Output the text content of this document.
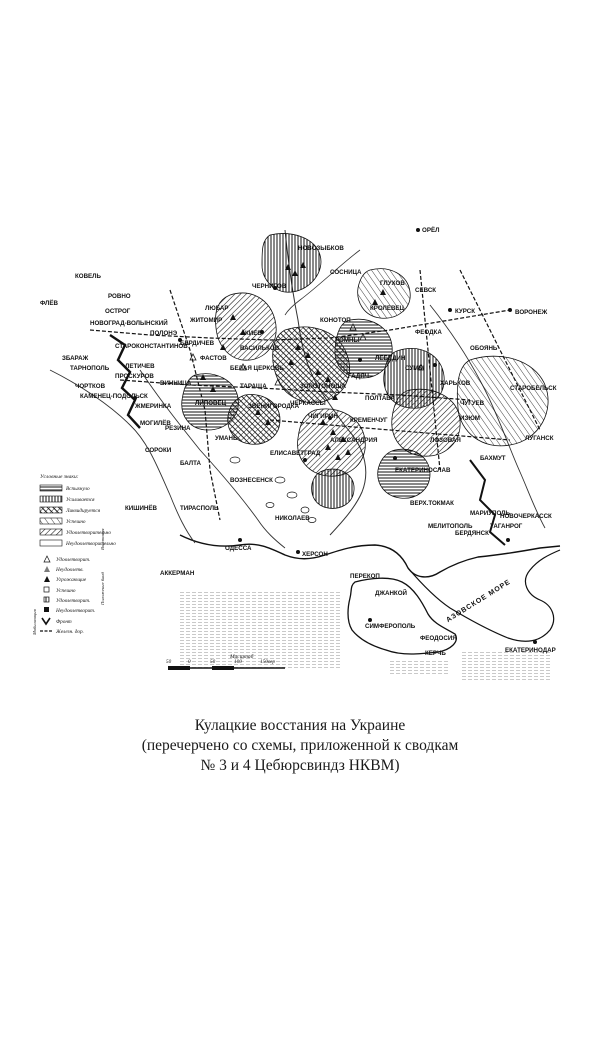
ОРЁЛ
КУРСК	ВОРОНЕЖ
ЧЕРНИГОВ
НОВОЗЫБКОВ
ГЛУХОВ
КРОЛЕВЕЦ
СОСНИЦА
ФЕОДКА
КОНОТОП
РОМНЫ
СЕВСК
ЛЕБЕДИН
СУМЫ
ХАРЬКОВ
ПОЛТАВА
ЧУГУЕВ
ОБОЯНЬ
ГАДЯЧ
ЗОЛОТОНОША
КРЕМЕНЧУГ
ЕЛИСАВЕТГРАД
АЛЕКСАНДРИЯ
ЕКАТЕРИНОСЛАВ
ЛОЗОВАЯ
ИЗЮМ
БАХМУТ
ЛУГАНСК
СТАРОБЕЛЬСК
ЖИТОМИР
БЕРДИЧЕВ
КИЕВ
ВАСИЛЬКОВ
БЕЛАЯ ЦЕРКОВЬ
ФАСТОВ
УМАНЬ
ТАРАЩА
ЗВЕНИГОРОДКА
ЧЕРКАССЫ
ЧИГИРИН
ВИННИЦА
ЖМЕРИНКА
ЛЕТИЧЕВ
СТАРОКОНСТАНТИНОВ
ПРОСКУРОВ
КАМЕНЕЦ-ПОДОЛЬСК
МОГИЛЁВ
БАЛТА
ВОЗНЕСЕНСК
НИКОЛАЕВ
ХЕРСОН
ОДЕССА
АККЕРМАН
ТИРАСПОЛЬ
КИШИНЁВ
СОРОКИ
РОВНО
НОВОГРАД-ВОЛЫНСКИЙ
ОСТРОГ
ЗБАРАЖ
ТАРНОПОЛЬ
ЧОРТКОВ
ФЛЁВ
КОВЕЛЬ
ПОЛОНЭ
РЕЗИНА
ЛЮБАР
ЛИПОВЕЦ
МЕЛИТОПОЛЬ
БЕРДЯНСК
МАРИУПОЛЬ
ТАГАНРОГ
НОВОЧЕРКАССК
ПЕРЕКОП
СИМФЕРОПОЛЬ
ФЕОДОСИЯ
КЕРЧЬ	ЕКАТЕРИНОДАР
ДЖАНКОЙ
ВЕРХ.ТОКМАК
АЗОВСКОЕ МОРЕ
Масштаб
50	0	50	100	150вер
Условные знаки:
Вспыхнуло
Усиливается
Ликвидируется
Успешно
Удовлетворительно
Неудовлетворительно
Удовлетворит.
Неудовлетв.
Угрожающие
Успешно
Удовлетворит.
Неудовлетворит.
Фронт
Железн. дор.
Восстания
Положение банд
Мобилизация
Кулацкие восстания на Украине
(перечерчено со схемы, приложенной к сводкам
№ 3 и 4 Цебюрсвиндз НКВМ)
